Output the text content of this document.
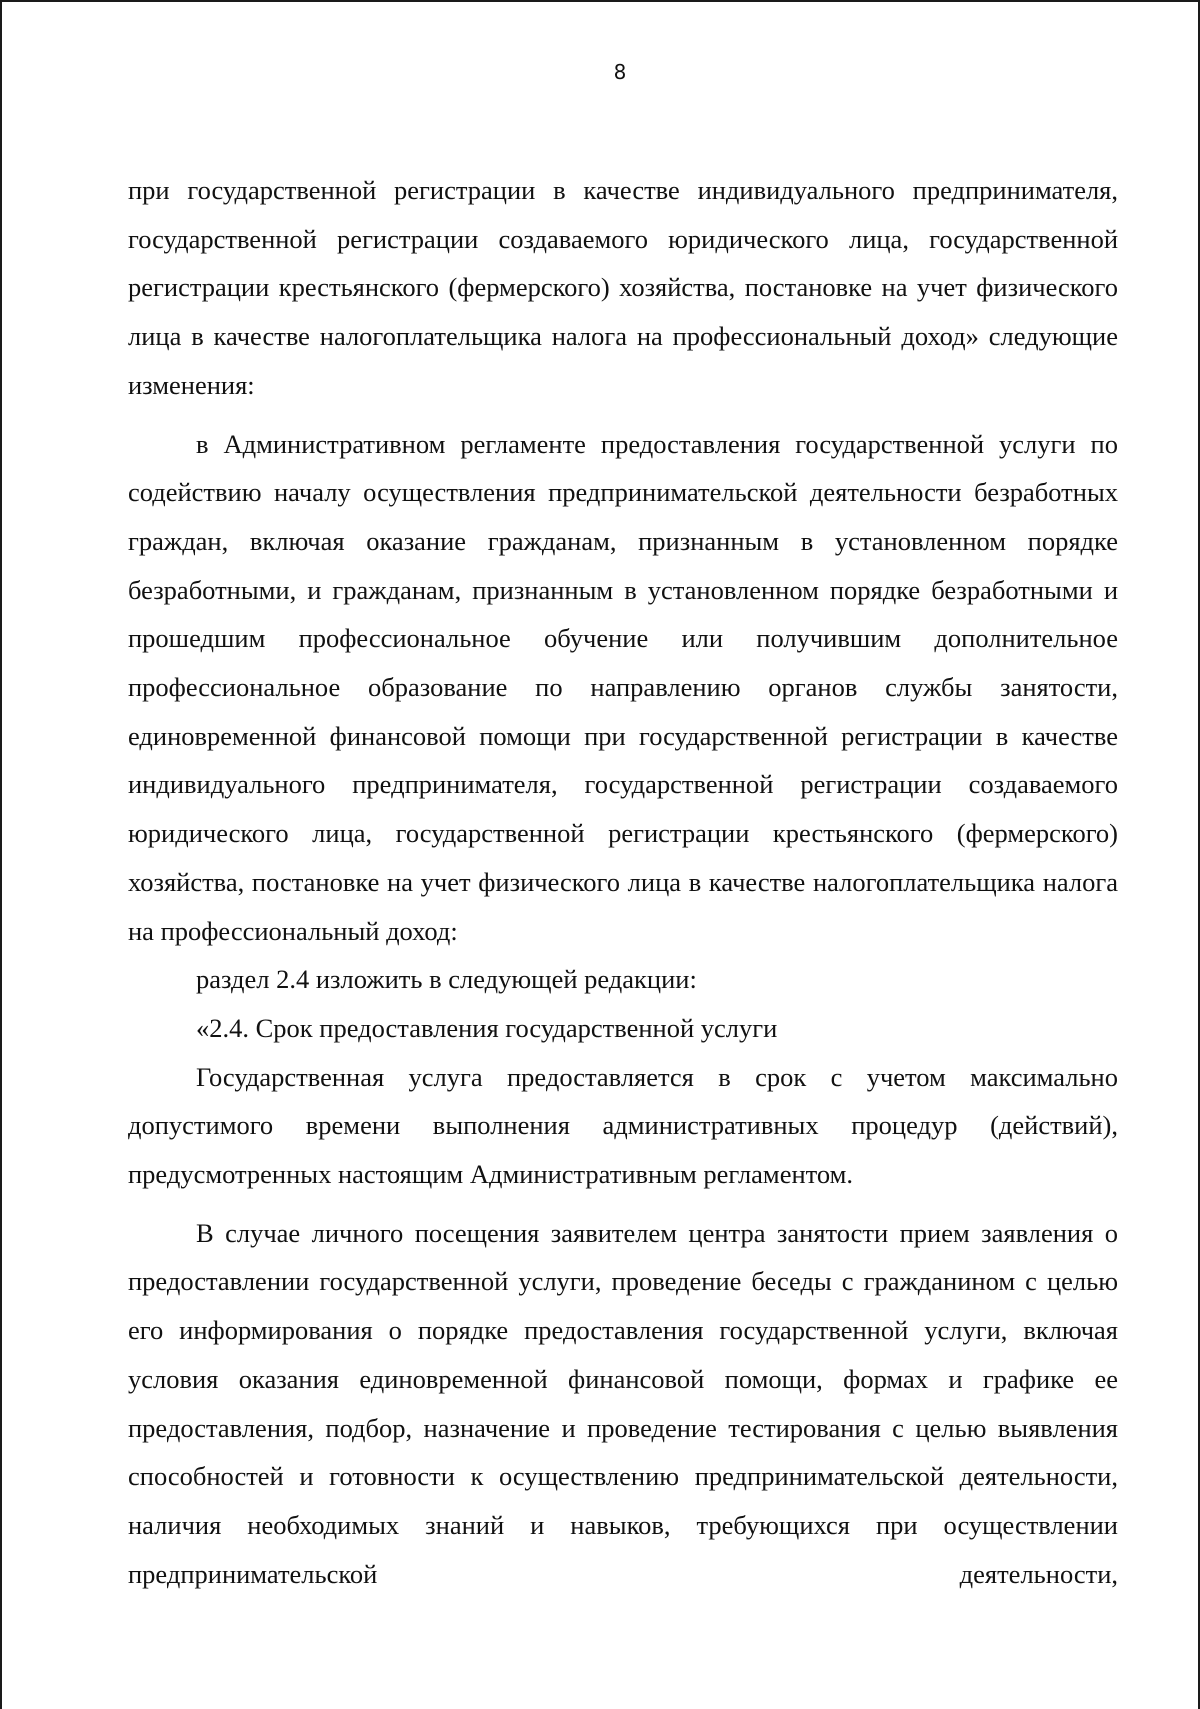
8

при государственной регистрации в качестве индивидуального предпринимателя, государственной регистрации создаваемого юридического лица, государственной регистрации крестьянского (фермерского) хозяйства, постановке на учет физического лица в качестве налогоплательщика налога на профессиональный доход» следующие изменения:

в Административном регламенте предоставления государственной услуги по содействию началу осуществления предпринимательской деятельности безработных граждан, включая оказание гражданам, признанным в установленном порядке безработными, и гражданам, признанным в установленном порядке безработными и прошедшим профессиональное обучение или получившим дополнительное профессиональное образование по направлению органов службы занятости, единовременной финансовой помощи при государственной регистрации в качестве индивидуального предпринимателя, государственной регистрации создаваемого юридического лица, государственной регистрации крестьянского (фермерского) хозяйства, постановке на учет физического лица в качестве налогоплательщика налога на профессиональный доход:

раздел 2.4 изложить в следующей редакции:

«2.4. Срок предоставления государственной услуги

Государственная услуга предоставляется в срок с учетом максимально допустимого времени выполнения административных процедур (действий), предусмотренных настоящим Административным регламентом.

В случае личного посещения заявителем центра занятости прием заявления о предоставлении государственной услуги, проведение беседы с гражданином с целью его информирования о порядке предоставления государственной услуги, включая условия оказания единовременной финансовой помощи, формах и графике ее предоставления, подбор, назначение и проведение тестирования с целью выявления способностей и готовности к осуществлению предпринимательской деятельности, наличия необходимых знаний и навыков, требующихся при осуществлении предпринимательской деятельности,
